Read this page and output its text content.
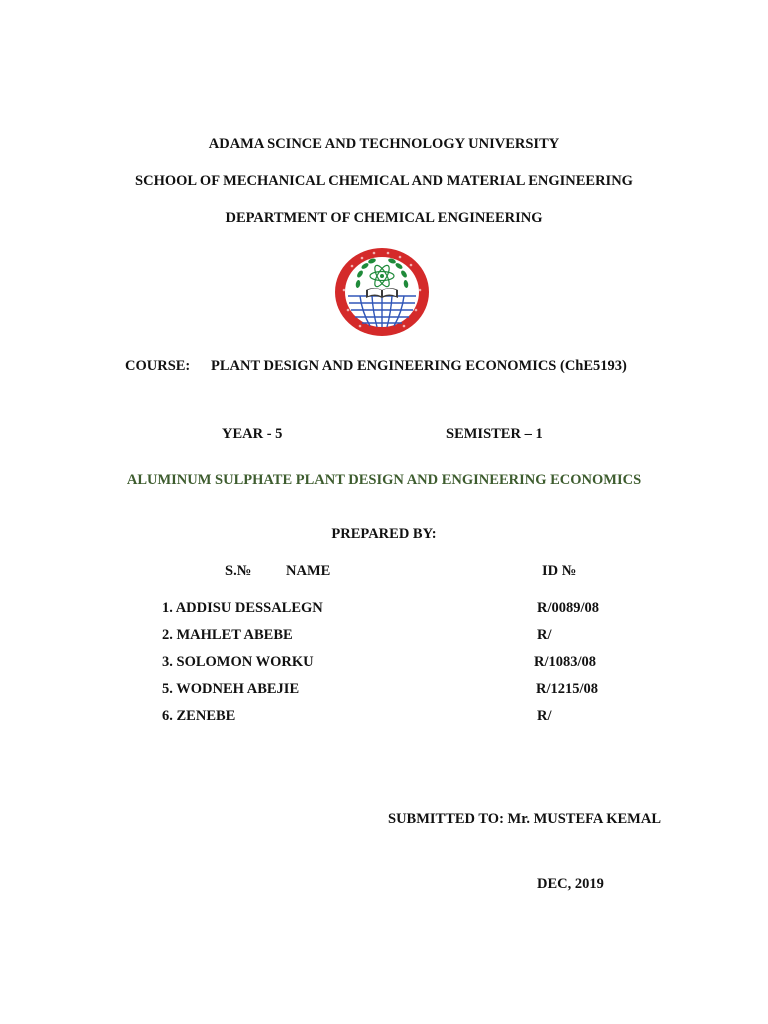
ADAMA SCINCE AND TECHNOLOGY UNIVERSITY
SCHOOL OF MECHANICAL CHEMICAL AND MATERIAL ENGINEERING
DEPARTMENT OF CHEMICAL ENGINEERING
COURSE: PLANT DESIGN AND ENGINEERING ECONOMICS (ChE5193)
YEAR - 5	SEMISTER – 1
ALUMINUM SULPHATE PLANT DESIGN AND ENGINEERING ECONOMICS
PREPARED BY:
S.№ NAME	ID №
1. ADDISU DESSALEGN	R/0089/08
2. MAHLET ABEBE	R/
3. SOLOMON WORKU	R/1083/08
5. WODNEH ABEJIE	R/1215/08
6. ZENEBE	R/
SUBMITTED TO: Mr. MUSTEFA KEMAL
DEC, 2019
